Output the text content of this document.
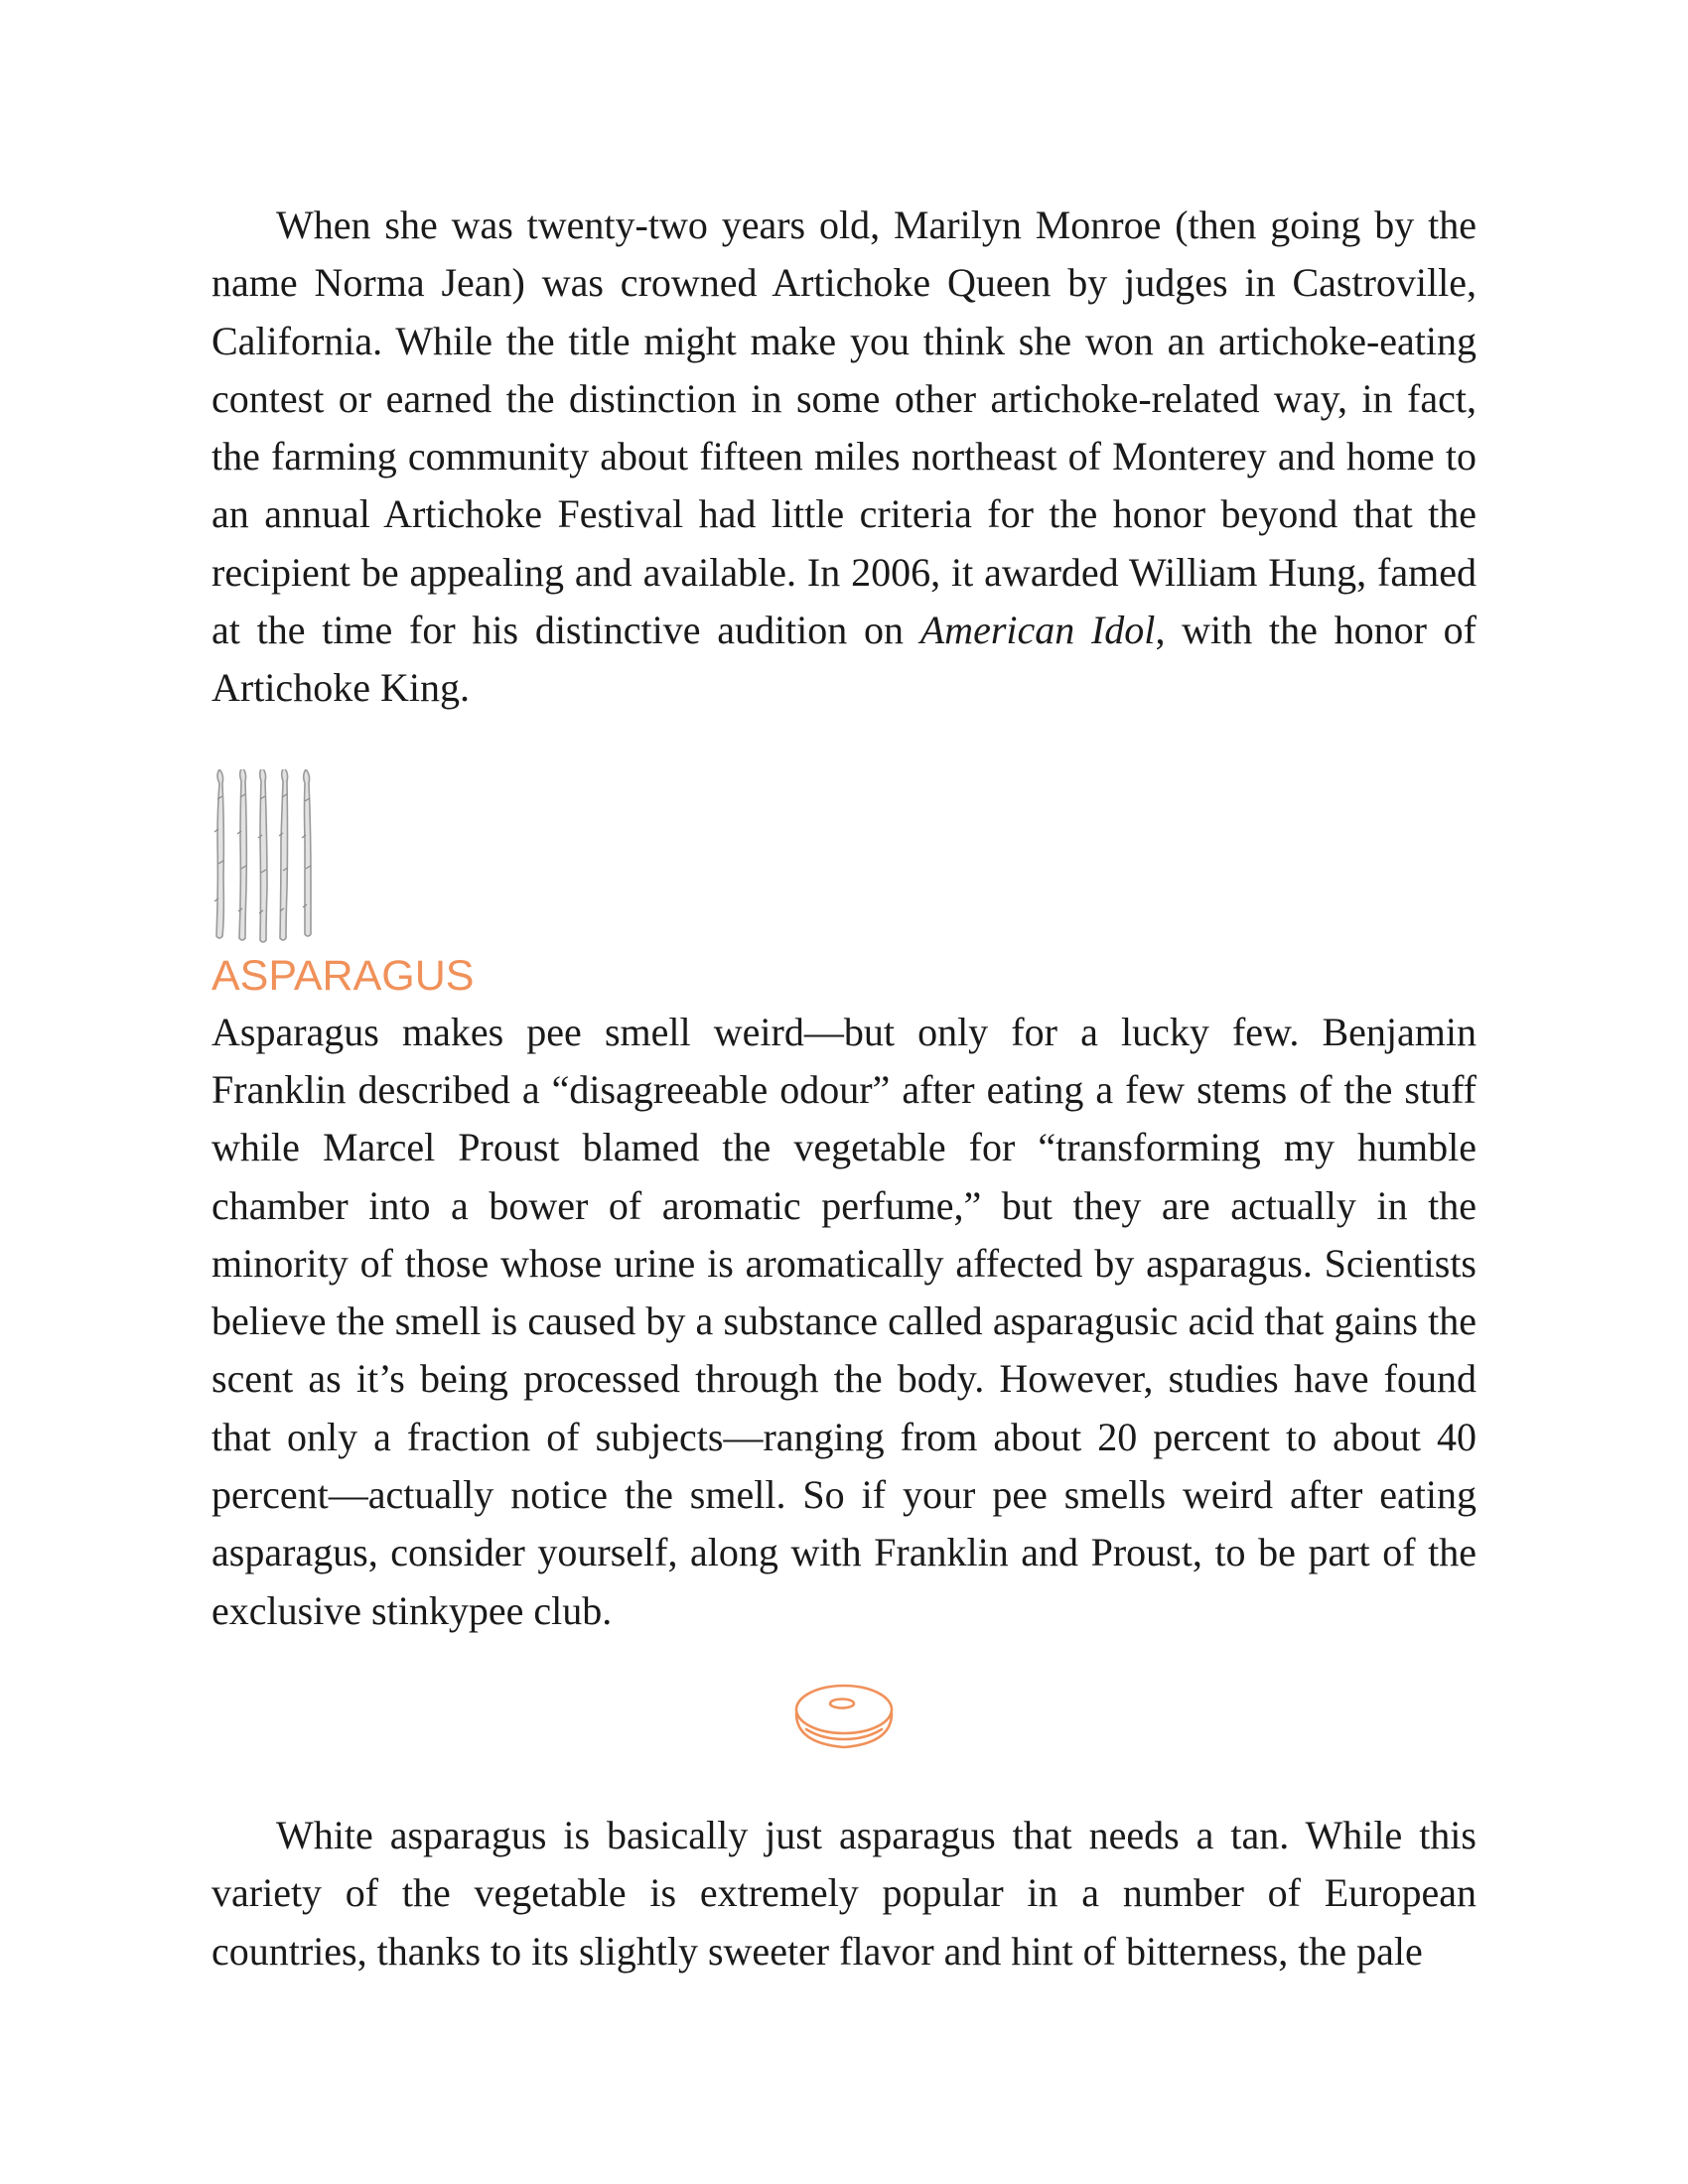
When she was twenty-two years old, Marilyn Monroe (then going by the name Norma Jean) was crowned Artichoke Queen by judges in Castroville, California. While the title might make you think she won an artichoke-eating contest or earned the distinction in some other artichoke-related way, in fact, the farming community about fifteen miles northeast of Monterey and home to an annual Artichoke Festival had little criteria for the honor beyond that the recipient be appealing and available. In 2006, it awarded William Hung, famed at the time for his distinctive audition on American Idol, with the honor of Artichoke King.

ASPARAGUS

Asparagus makes pee smell weird—but only for a lucky few. Benjamin Franklin described a “disagreeable odour” after eating a few stems of the stuff while Marcel Proust blamed the vegetable for “transforming my humble chamber into a bower of aromatic perfume,” but they are actually in the minority of those whose urine is aromatically affected by asparagus. Scientists believe the smell is caused by a substance called asparagusic acid that gains the scent as it’s being processed through the body. However, studies have found that only a fraction of subjects—ranging from about 20 percent to about 40 percent—actually notice the smell. So if your pee smells weird after eating asparagus, consider yourself, along with Franklin and Proust, to be part of the exclusive stinkypee club.

White asparagus is basically just asparagus that needs a tan. While this variety of the vegetable is extremely popular in a number of European countries, thanks to its slightly sweeter flavor and hint of bitterness, the pale
